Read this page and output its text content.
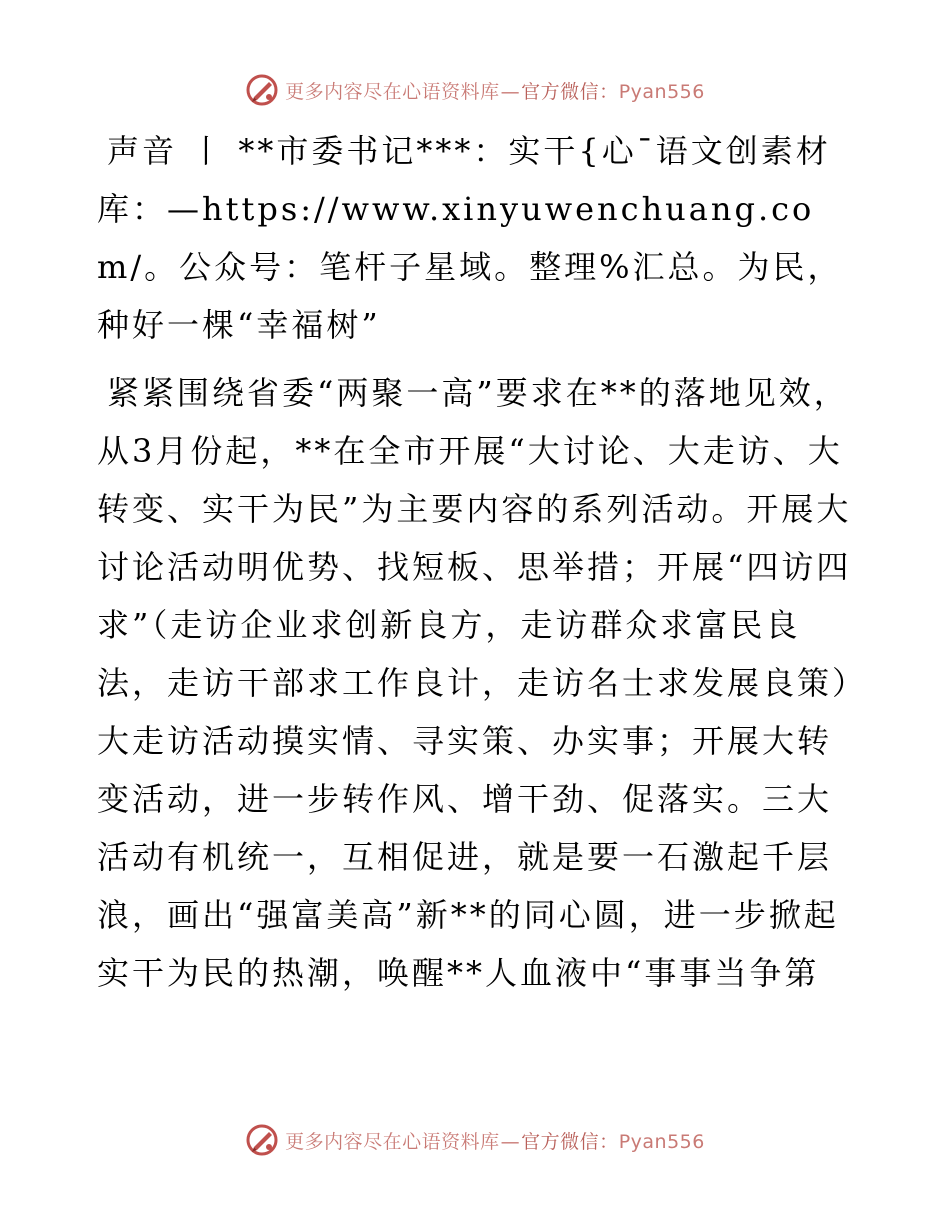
更多内容尽在心语资料库—官方微信：Pyan556

声音 丨 **市委书记***：实干{心¯语文创素材库：—https://www.xinyuwenchuang.com/。公众号：笔杆子星域。整理%汇总。为民，种好一棵“幸福树”

紧紧围绕省委“两聚一高”要求在**的落地见效，从3月份起，**在全市开展“大讨论、大走访、大转变、实干为民”为主要内容的系列活动。开展大讨论活动明优势、找短板、思举措；开展“四访四求”（走访企业求创新良方，走访群众求富民良法，走访干部求工作良计，走访名士求发展良策）大走访活动摸实情、寻实策、办实事；开展大转变活动，进一步转作风、增干劲、促落实。三大活动有机统一，互相促进，就是要一石激起千层浪，画出“强富美高”新**的同心圆，进一步掀起实干为民的热潮，唤醒**人血液中“事事当争第

更多内容尽在心语资料库—官方微信：Pyan556
